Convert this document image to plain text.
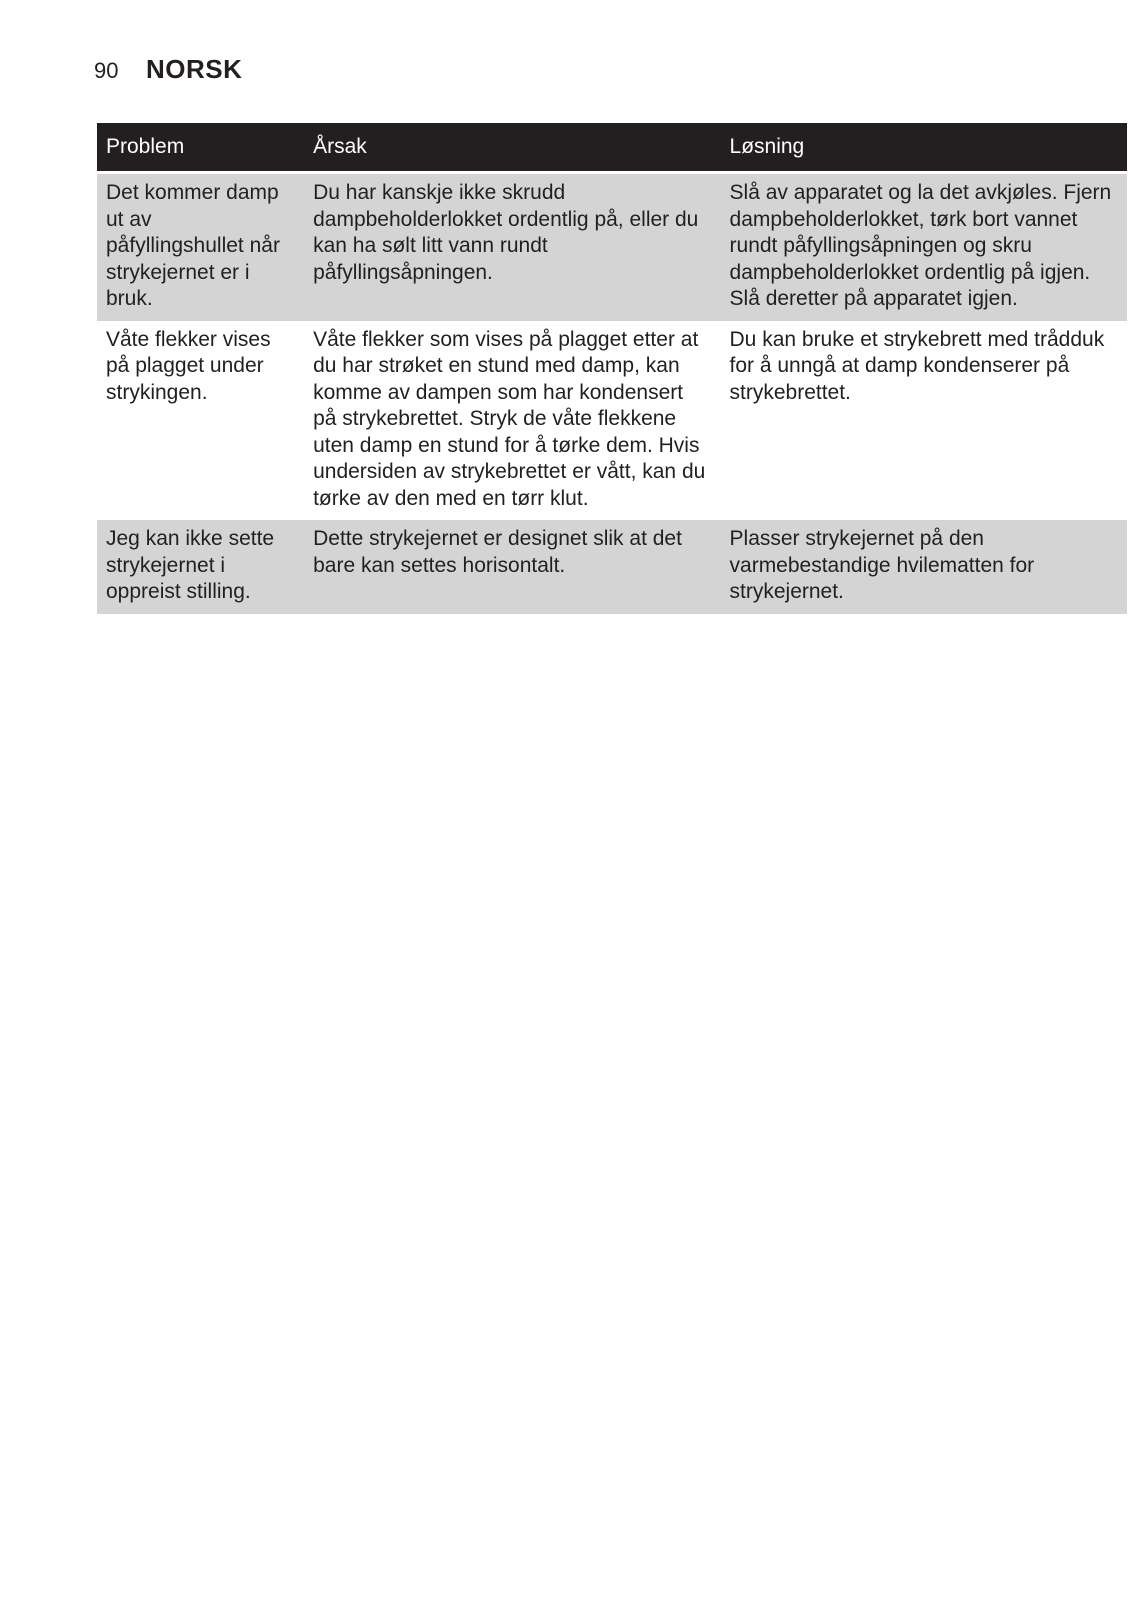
90	NORSK
Problem	Årsak	Løsning

Det kommer damp ut av påfyllingshullet når strykejernet er i bruk.	Du har kanskje ikke skrudd dampbeholderlokket ordentlig på, eller du kan ha sølt litt vann rundt påfyllingsåpningen.	Slå av apparatet og la det avkjøles. Fjern dampbeholderlokket, tørk bort vannet rundt påfyllingsåpningen og skru dampbeholderlokket ordentlig på igjen. Slå deretter på apparatet igjen.
Våte flekker vises på plagget under strykingen.	Våte flekker som vises på plagget etter at du har strøket en stund med damp, kan komme av dampen som har kondensert på strykebrettet. Stryk de våte flekkene uten damp en stund for å tørke dem. Hvis undersiden av strykebrettet er vått, kan du tørke av den med en tørr klut.	Du kan bruke et strykebrett med trådduk for å unngå at damp kondenserer på strykebrettet.
Jeg kan ikke sette strykejernet i oppreist stilling.	Dette strykejernet er designet slik at det bare kan settes horisontalt.	Plasser strykejernet på den varmebestandige hvilematten for strykejernet.
